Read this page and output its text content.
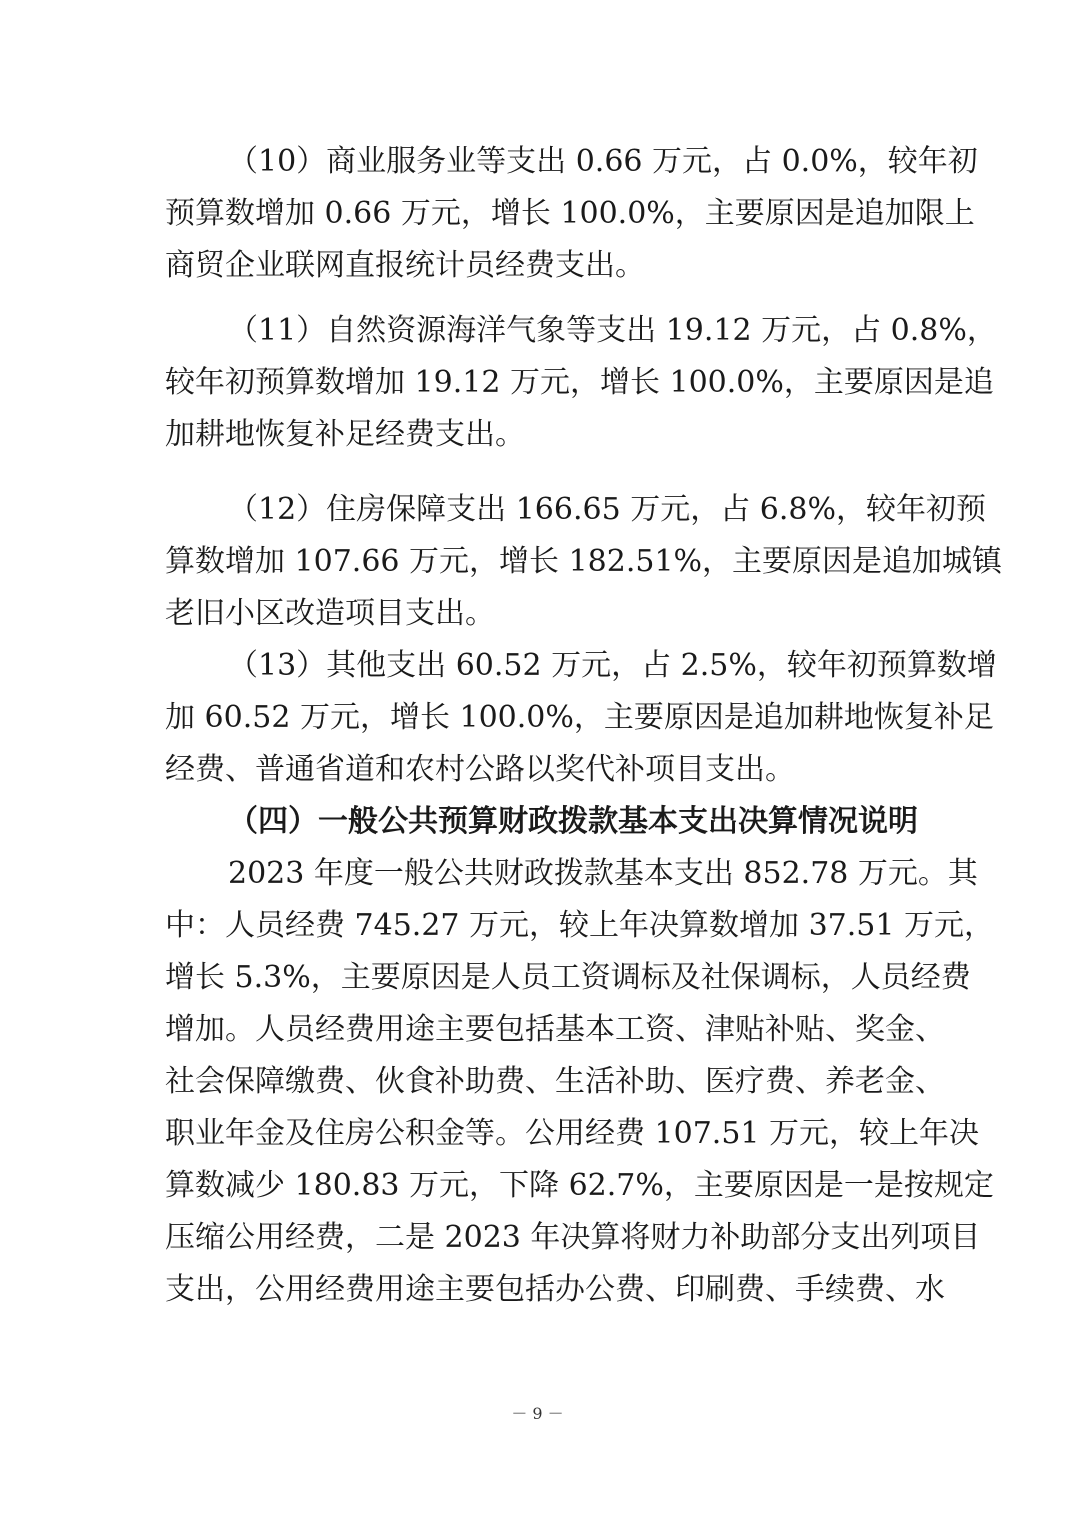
（10）商业服务业等支出 0.66 万元，占 0.0%，较年初
预算数增加 0.66 万元，增长 100.0%，主要原因是追加限上
商贸企业联网直报统计员经费支出。
（11）自然资源海洋气象等支出 19.12 万元，占 0.8%，
较年初预算数增加 19.12 万元，增长 100.0%，主要原因是追
加耕地恢复补足经费支出。
（12）住房保障支出 166.65 万元，占 6.8%，较年初预
算数增加 107.66 万元，增长 182.51%，主要原因是追加城镇
老旧小区改造项目支出。
（13）其他支出 60.52 万元，占 2.5%，较年初预算数增
加 60.52 万元，增长 100.0%，主要原因是追加耕地恢复补足
经费、普通省道和农村公路以奖代补项目支出。
（四）一般公共预算财政拨款基本支出决算情况说明
2023 年度一般公共财政拨款基本支出 852.78 万元。其
中：人员经费 745.27 万元，较上年决算数增加 37.51 万元，
增长 5.3%，主要原因是人员工资调标及社保调标，人员经费
增加。人员经费用途主要包括基本工资、津贴补贴、奖金、
社会保障缴费、伙食补助费、生活补助、医疗费、养老金、
职业年金及住房公积金等。公用经费 107.51 万元，较上年决
算数减少 180.83 万元，下降 62.7%，主要原因是一是按规定
压缩公用经费，二是 2023 年决算将财力补助部分支出列项目
支出，公用经费用途主要包括办公费、印刷费、手续费、水
－ 9 －
